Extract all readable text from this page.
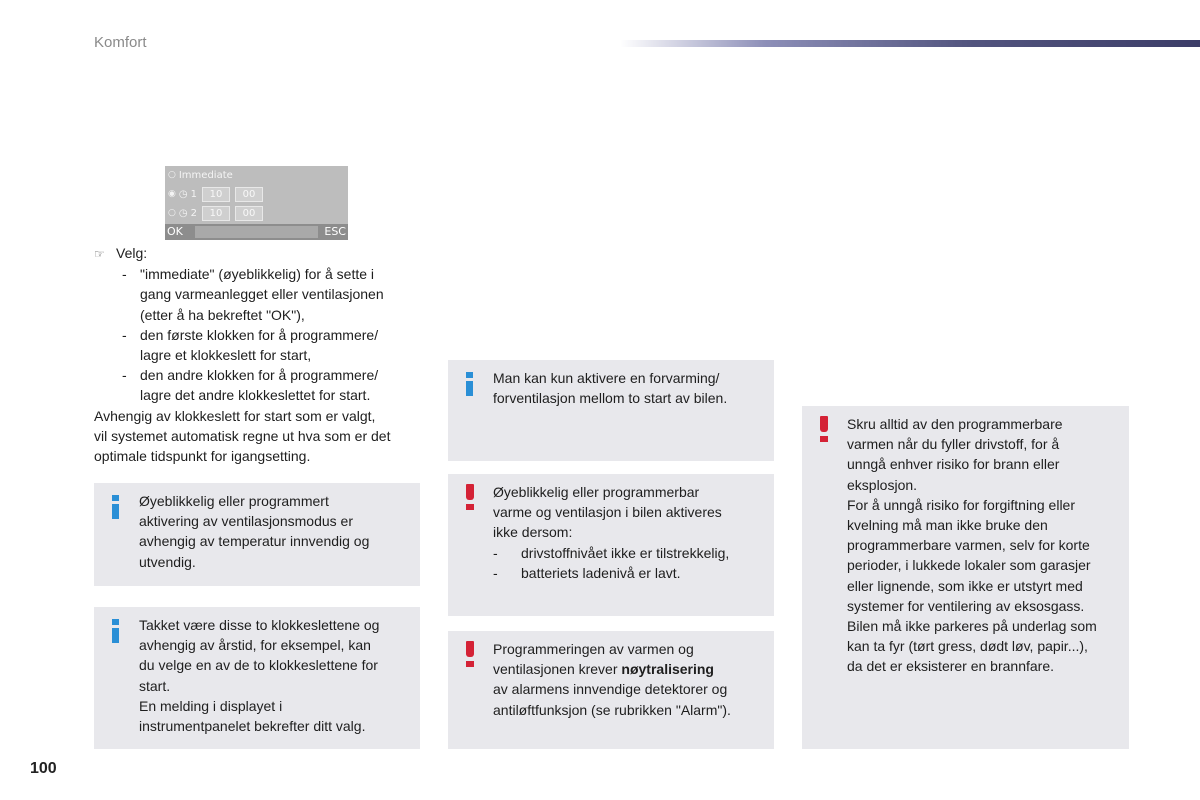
Komfort
○ Immediate
◉ ◷ 1	10	00
○ ◷ 2	10	00
OK	ESC

☞ Velg:

- "immediate" (øyeblikkelig) for å sette i

gang varmeanlegget eller ventilasjonen

(etter å ha bekreftet "OK"),

- den første klokken for å programmere/

lagre et klokkeslett for start,

- den andre klokken for å programmere/

lagre det andre klokkeslettet for start.

Avhengig av klokkeslett for start som er valgt,

vil systemet automatisk regne ut hva som er det

optimale tidspunkt for igangsetting.

Øyeblikkelig eller programmert

aktivering av ventilasjonsmodus er

avhengig av temperatur innvendig og

utvendig.

Takket være disse to klokkeslettene og

avhengig av årstid, for eksempel, kan

du velge en av de to klokkeslettene for

start.

En melding i displayet i

instrumentpanelet bekrefter ditt valg.

Man kan kun aktivere en forvarming/

forventilasjon mellom to start av bilen.

Øyeblikkelig eller programmerbar

varme og ventilasjon i bilen aktiveres

ikke dersom:

- drivstoffnivået ikke er tilstrekkelig,

- batteriets ladenivå er lavt.

Programmeringen av varmen og

ventilasjonen krever nøytralisering

av alarmens innvendige detektorer og

antiløftfunksjon (se rubrikken "Alarm").

Skru alltid av den programmerbare

varmen når du fyller drivstoff, for å

unngå enhver risiko for brann eller

eksplosjon.

For å unngå risiko for forgiftning eller

kvelning må man ikke bruke den

programmerbare varmen, selv for korte

perioder, i lukkede lokaler som garasjer

eller lignende, som ikke er utstyrt med

systemer for ventilering av eksosgass.

Bilen må ikke parkeres på underlag som

kan ta fyr (tørt gress, dødt løv, papir...),

da det er eksisterer en brannfare.

100
